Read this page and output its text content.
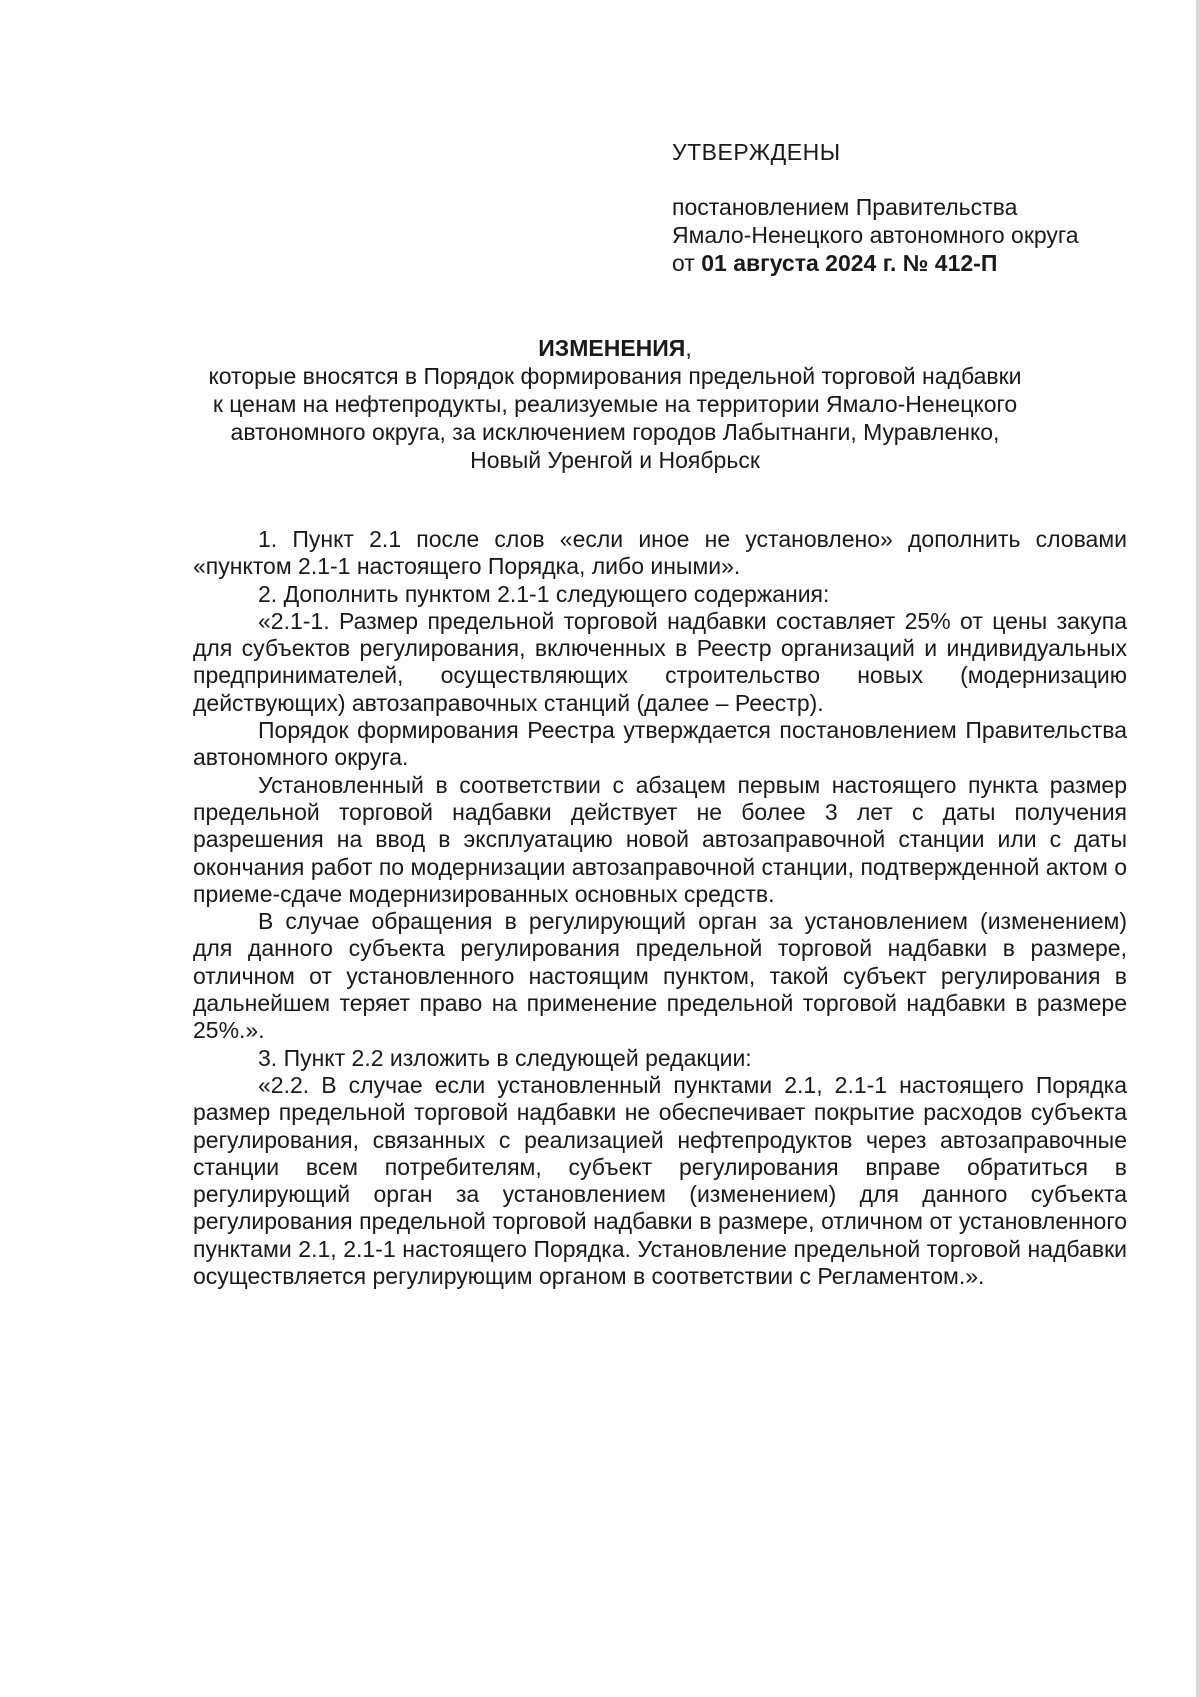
УТВЕРЖДЕНЫ
постановлением Правительства
Ямало-Ненецкого автономного округа
от 01 августа 2024 г. № 412-П
ИЗМЕНЕНИЯ,
которые вносятся в Порядок формирования предельной торговой надбавки
к ценам на нефтепродукты, реализуемые на территории Ямало-Ненецкого
автономного округа, за исключением городов Лабытнанги, Муравленко,
Новый Уренгой и Ноябрьск

1. Пункт 2.1 после слов «если иное не установлено» дополнить словами «пунктом 2.1-1 настоящего Порядка, либо иными».

2. Дополнить пунктом 2.1-1 следующего содержания:

«2.1-1. Размер предельной торговой надбавки составляет 25% от цены закупа для субъектов регулирования, включенных в Реестр организаций и индивидуальных предпринимателей, осуществляющих строительство новых (модернизацию действующих) автозаправочных станций (далее – Реестр).

Порядок формирования Реестра утверждается постановлением Правительства автономного округа.

Установленный в соответствии с абзацем первым настоящего пункта размер предельной торговой надбавки действует не более 3 лет с даты получения разрешения на ввод в эксплуатацию новой автозаправочной станции или с даты окончания работ по модернизации автозаправочной станции, подтвержденной актом о приеме-сдаче модернизированных основных средств.

В случае обращения в регулирующий орган за установлением (изменением) для данного субъекта регулирования предельной торговой надбавки в размере, отличном от установленного настоящим пунктом, такой субъект регулирования в дальнейшем теряет право на применение предельной торговой надбавки в размере 25%.».

3. Пункт 2.2 изложить в следующей редакции:

«2.2. В случае если установленный пунктами 2.1, 2.1-1 настоящего Порядка размер предельной торговой надбавки не обеспечивает покрытие расходов субъекта регулирования, связанных с реализацией нефтепродуктов через автозаправочные станции всем потребителям, субъект регулирования вправе обратиться в регулирующий орган за установлением (изменением) для данного субъекта регулирования предельной торговой надбавки в размере, отличном от установленного пунктами 2.1, 2.1-1 настоящего Порядка. Установление предельной торговой надбавки осуществляется регулирующим органом в соответствии с Регламентом.».
